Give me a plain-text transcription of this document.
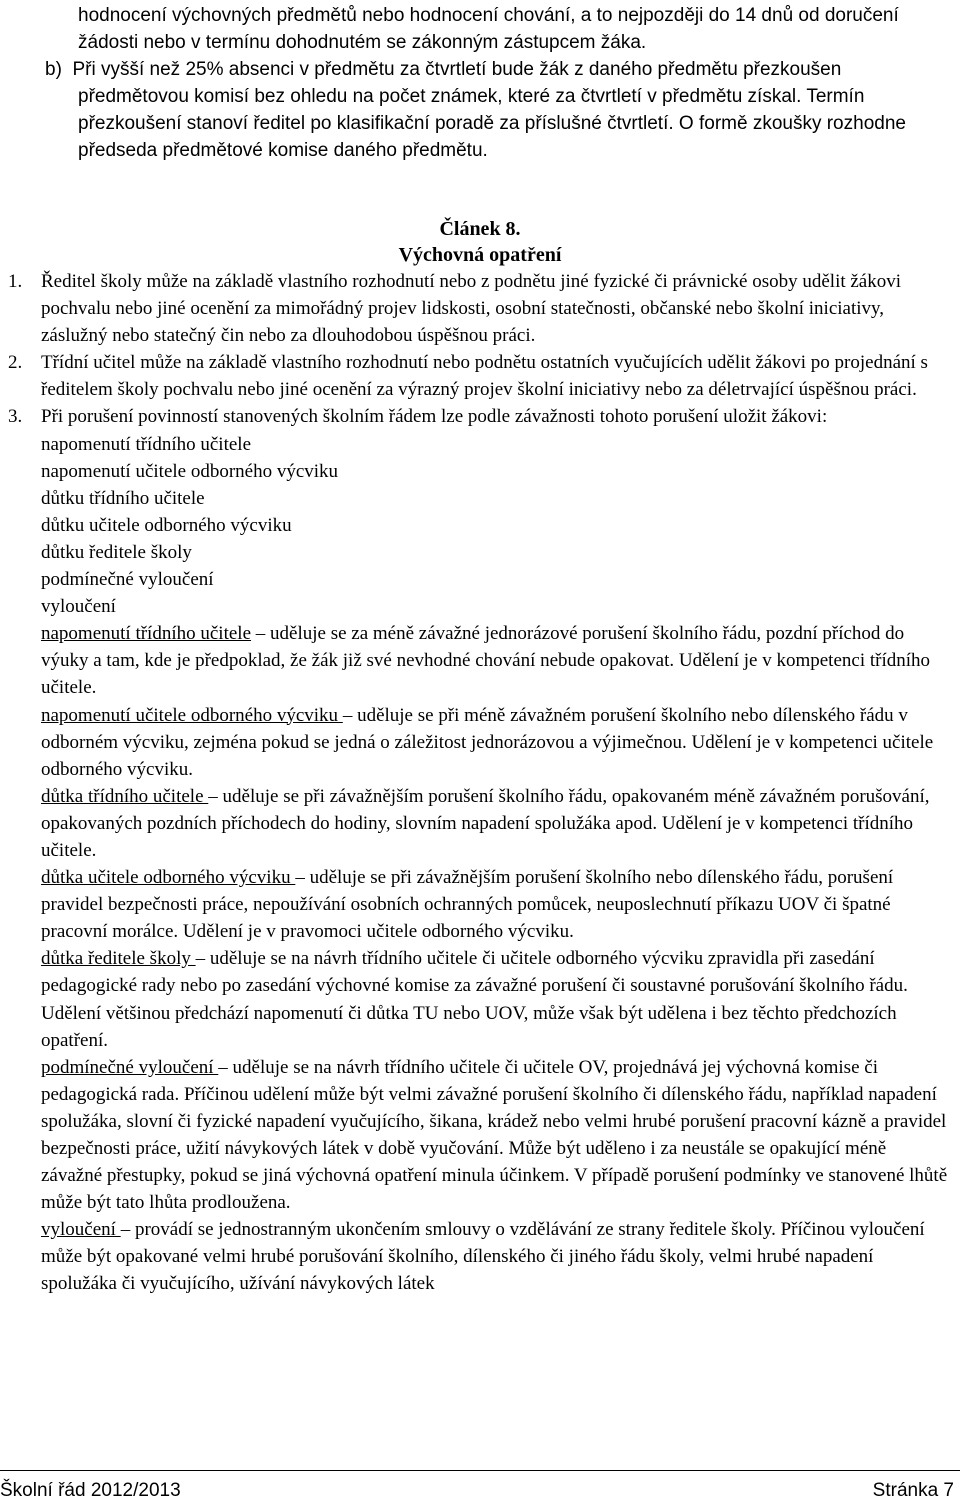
hodnocení výchovných předmětů nebo hodnocení chování, a to nejpozději do 14 dnů od doručení žádosti nebo v termínu dohodnutém se zákonným zástupcem žáka.

b) Při vyšší než 25% absenci v předmětu za čtvrtletí bude žák z daného předmětu přezkoušen předmětovou komisí bez ohledu na počet známek, které za čtvrtletí v předmětu získal. Termín přezkoušení stanoví ředitel po klasifikační poradě za příslušné čtvrtletí. O formě zkoušky rozhodne předseda předmětové komise daného předmětu.

Článek 8.
Výchovná opatření
1. Ředitel školy může na základě vlastního rozhodnutí nebo z podnětu jiné fyzické či právnické osoby udělit žákovi pochvalu nebo jiné ocenění za mimořádný projev lidskosti, osobní statečnosti, občanské nebo školní iniciativy, záslužný nebo statečný čin nebo za dlouhodobou úspěšnou práci.
2. Třídní učitel může na základě vlastního rozhodnutí nebo podnětu ostatních vyučujících udělit žákovi po projednání s ředitelem školy pochvalu nebo jiné ocenění za výrazný projev školní iniciativy nebo za déletrvající úspěšnou práci.
3. Při porušení povinností stanovených školním řádem lze podle závažnosti tohoto porušení uložit žákovi:

napomenutí třídního učitele

napomenutí učitele odborného výcviku

důtku třídního učitele

důtku učitele odborného výcviku

důtku ředitele školy

podmínečné vyloučení

vyloučení

napomenutí třídního učitele – uděluje se za méně závažné jednorázové porušení školního řádu, pozdní příchod do výuky a tam, kde je předpoklad, že žák již své nevhodné chování nebude opakovat. Udělení je v kompetenci třídního učitele.

napomenutí učitele odborného výcviku – uděluje se při méně závažném porušení školního nebo dílenského řádu v odborném výcviku, zejména pokud se jedná o záležitost jednorázovou a výjimečnou. Udělení je v kompetenci učitele odborného výcviku.

důtka třídního učitele – uděluje se při závažnějším porušení školního řádu, opakovaném méně závažném porušování, opakovaných pozdních příchodech do hodiny, slovním napadení spolužáka apod. Udělení je v kompetenci třídního učitele.

důtka učitele odborného výcviku – uděluje se při závažnějším porušení školního nebo dílenského řádu, porušení pravidel bezpečnosti práce, nepoužívání osobních ochranných pomůcek, neuposlechnutí příkazu UOV či špatné pracovní morálce. Udělení je v pravomoci učitele odborného výcviku.

důtka ředitele školy – uděluje se na návrh třídního učitele či učitele odborného výcviku zpravidla při zasedání pedagogické rady nebo po zasedání výchovné komise za závažné porušení či soustavné porušování školního řádu. Udělení většinou předchází napomenutí či důtka TU nebo UOV, může však být udělena i bez těchto předchozích opatření.

podmínečné vyloučení – uděluje se na návrh třídního učitele či učitele OV, projednává jej výchovná komise či pedagogická rada. Příčinou udělení může být velmi závažné porušení školního či dílenského řádu, například napadení spolužáka, slovní či fyzické napadení vyučujícího, šikana, krádež nebo velmi hrubé porušení pracovní kázně a pravidel bezpečnosti práce, užití návykových látek v době vyučování. Může být uděleno i za neustále se opakující méně závažné přestupky, pokud se jiná výchovná opatření minula účinkem. V případě porušení podmínky ve stanovené lhůtě může být tato lhůta prodloužena.

vyloučení – provádí se jednostranným ukončením smlouvy o vzdělávání ze strany ředitele školy. Příčinou vyloučení může být opakované velmi hrubé porušování školního, dílenského či jiného řádu školy, velmi hrubé napadení spolužáka či vyučujícího, užívání návykových látek

Školní řád 2012/2013	Stránka 7
